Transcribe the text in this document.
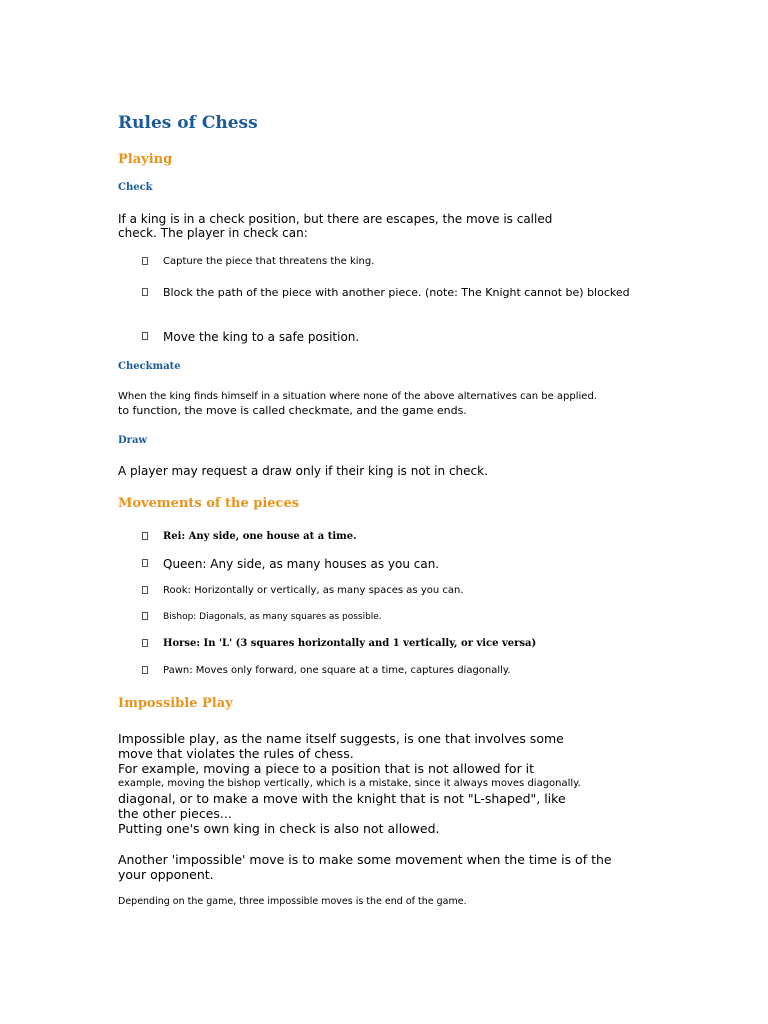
Rules of Chess
Playing
Check
If a king is in a check position, but there are escapes, the move is called
check. The player in check can:
Capture the piece that threatens the king.
Block the path of the piece with another piece. (note: The Knight cannot be) blocked
Move the king to a safe position.
Checkmate
When the king finds himself in a situation where none of the above alternatives can be applied.
to function, the move is called checkmate, and the game ends.
Draw
A player may request a draw only if their king is not in check.
Movements of the pieces
Rei: Any side, one house at a time.
Queen: Any side, as many houses as you can.
Rook: Horizontally or vertically, as many spaces as you can.
Bishop: Diagonals, as many squares as possible.
Horse: In 'L' (3 squares horizontally and 1 vertically, or vice versa)
Pawn: Moves only forward, one square at a time, captures diagonally.
Impossible Play
Impossible play, as the name itself suggests, is one that involves some
move that violates the rules of chess.
For example, moving a piece to a position that is not allowed for it
example, moving the bishop vertically, which is a mistake, since it always moves diagonally.
diagonal, or to make a move with the knight that is not "L-shaped", like
the other pieces...
Putting one's own king in check is also not allowed.
Another 'impossible' move is to make some movement when the time is of the
your opponent.
Depending on the game, three impossible moves is the end of the game.
